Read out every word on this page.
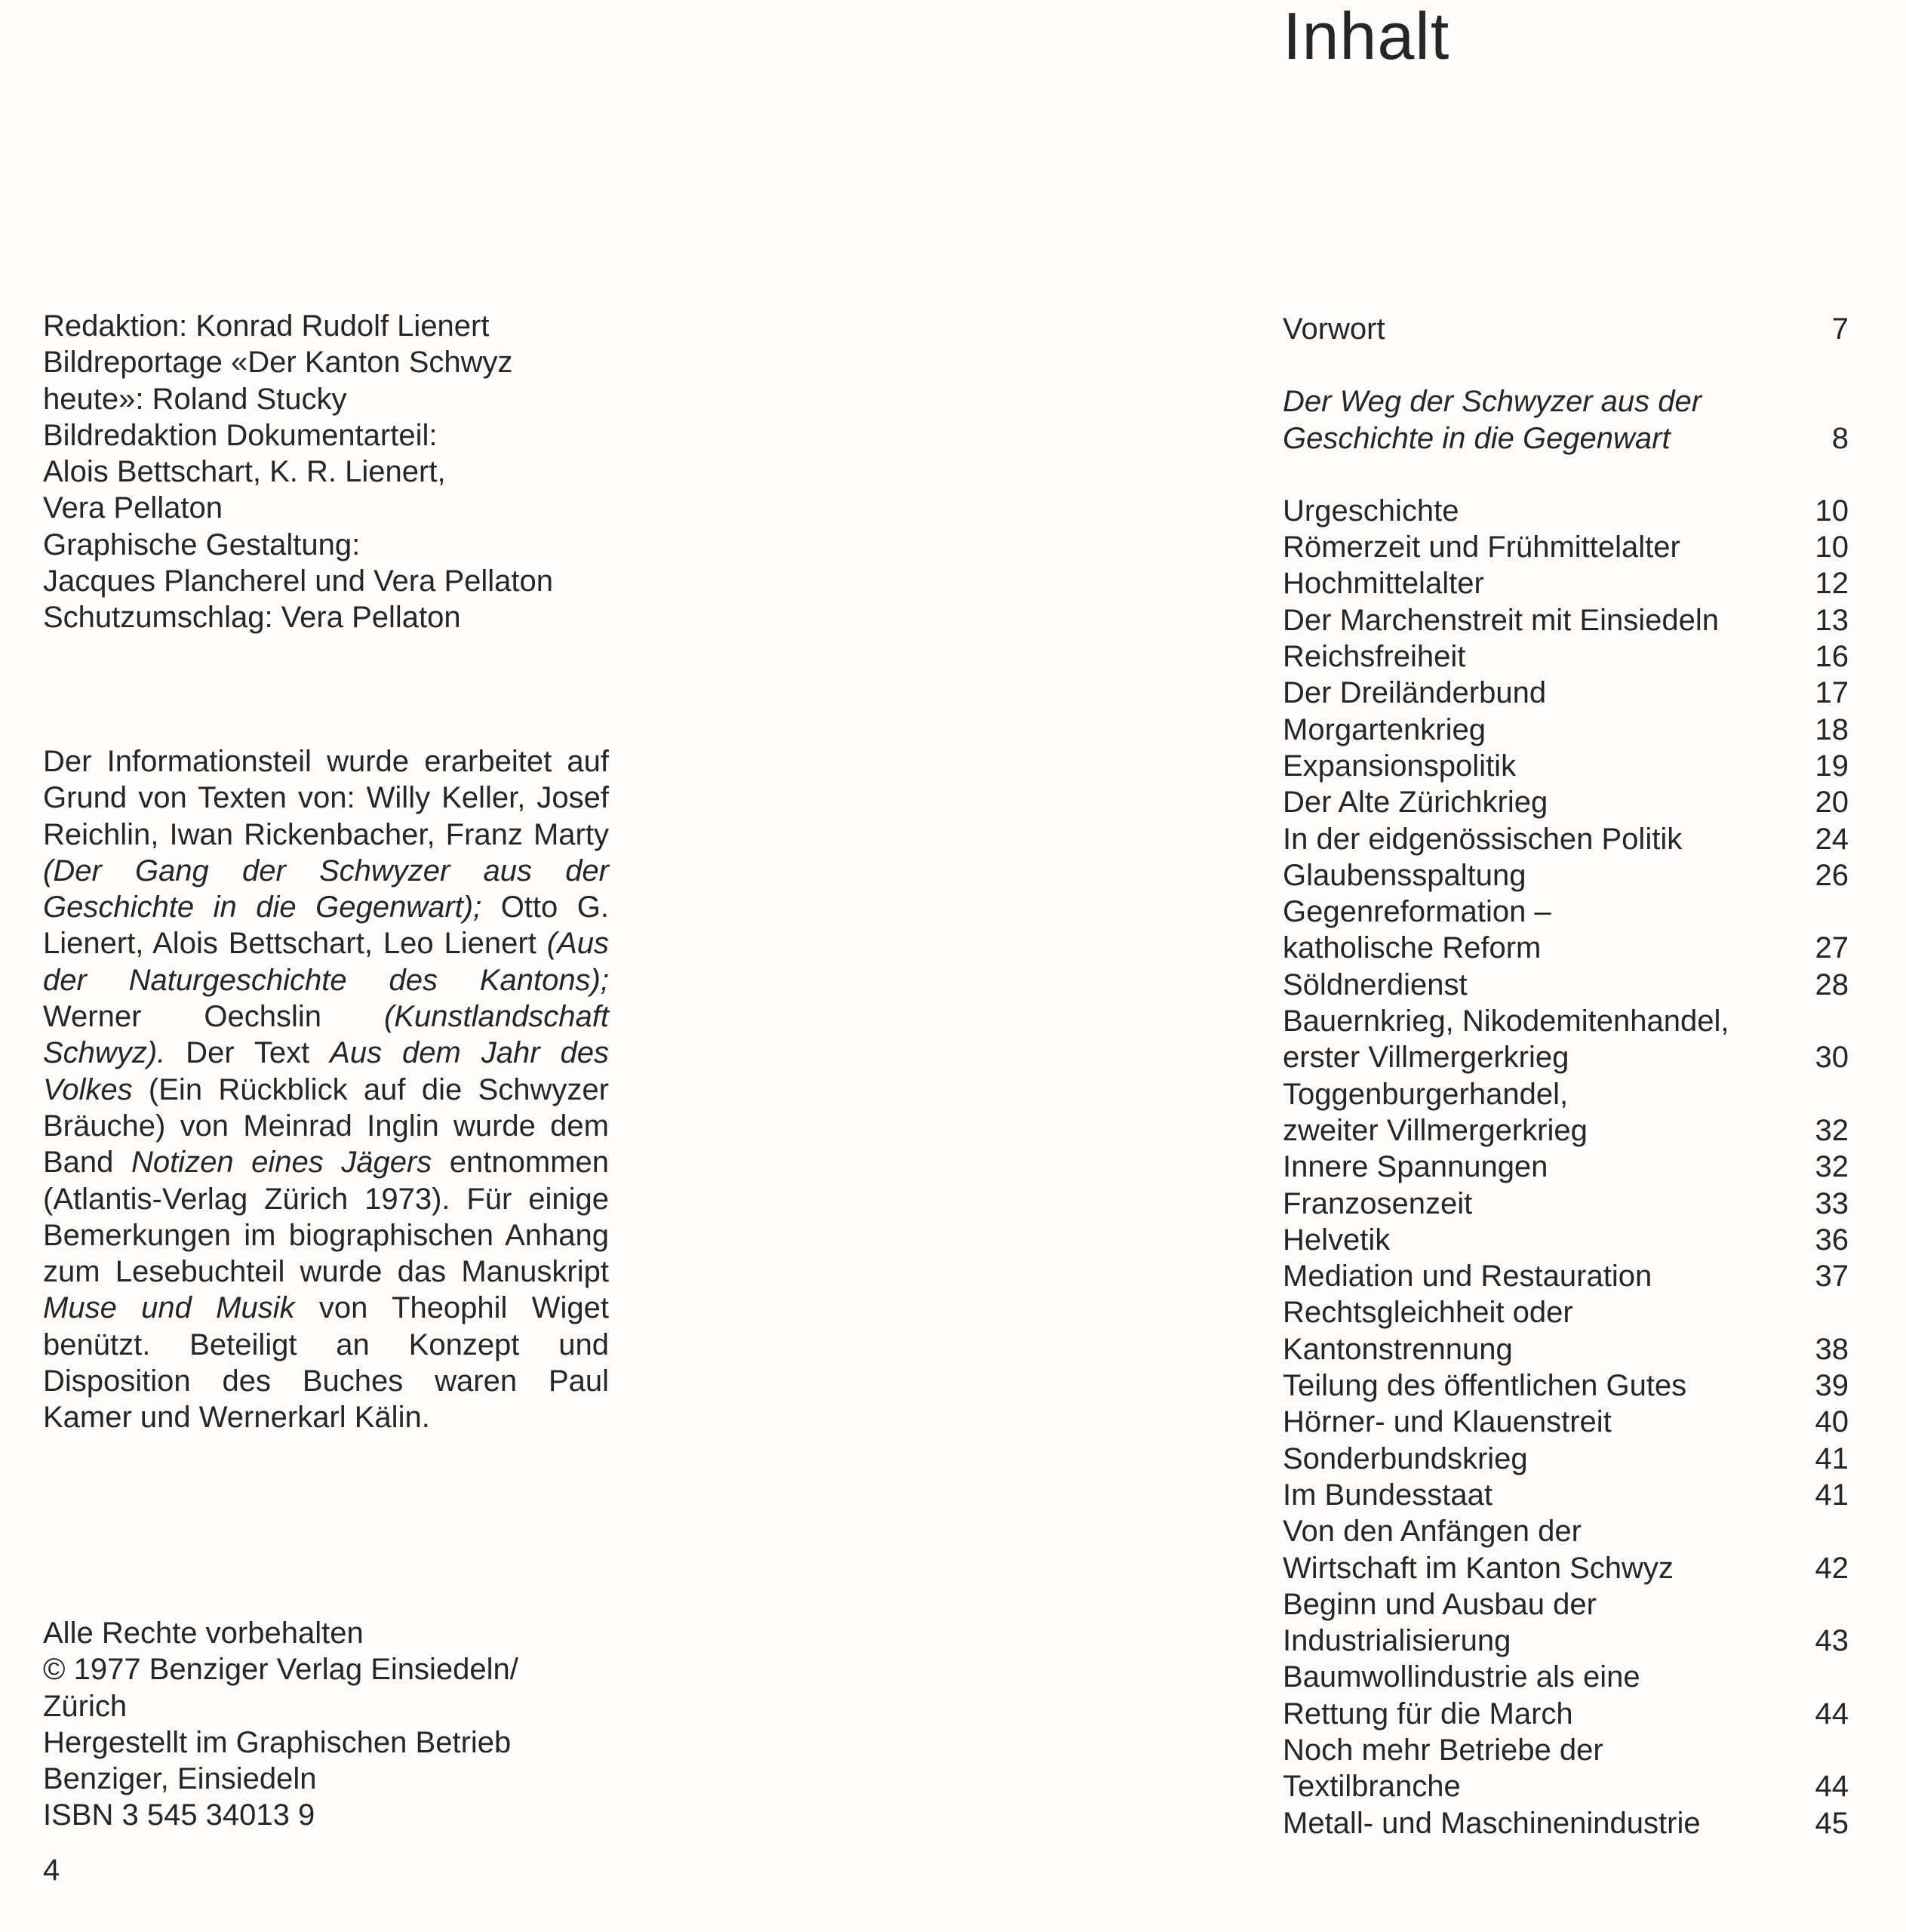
Inhalt
Redaktion: Konrad Rudolf Lienert
Bildreportage «Der Kanton Schwyz
heute»: Roland Stucky
Bildredaktion Dokumentarteil:
Alois Bettschart, K. R. Lienert,
Vera Pellaton
Graphische Gestaltung:
Jacques Plancherel und Vera Pellaton
Schutzumschlag: Vera Pellaton
Der Informationsteil wurde erarbeitet auf Grund von Texten von: Willy Keller, Josef Reichlin, Iwan Rickenbacher, Franz Marty (Der Gang der Schwyzer aus der Geschichte in die Gegenwart); Otto G. Lienert, Alois Bettschart, Leo Lienert (Aus der Naturgeschichte des Kantons); Werner Oechslin (Kunstlandschaft Schwyz). Der Text Aus dem Jahr des Volkes (Ein Rückblick auf die Schwyzer Bräuche) von Meinrad Inglin wurde dem Band Notizen eines Jägers entnommen (Atlantis-Verlag Zürich 1973). Für einige Bemerkungen im biographischen Anhang zum Lesebuchteil wurde das Manuskript Muse und Musik von Theophil Wiget benützt. Beteiligt an Konzept und Disposition des Buches waren Paul Kamer und Wernerkarl Kälin.
Alle Rechte vorbehalten
© 1977 Benziger Verlag Einsiedeln/
Zürich
Hergestellt im Graphischen Betrieb
Benziger, Einsiedeln
ISBN 3 545 34013 9
4
Vorwort	7
Der Weg der Schwyzer aus der
Geschichte in die Gegenwart	8
Urgeschichte	10
Römerzeit und Frühmittelalter	10
Hochmittelalter	12
Der Marchenstreit mit Einsiedeln	13
Reichsfreiheit	16
Der Dreiländerbund	17
Morgartenkrieg	18
Expansionspolitik	19
Der Alte Zürichkrieg	20
In der eidgenössischen Politik	24
Glaubensspaltung	26
Gegenreformation –
katholische Reform	27
Söldnerdienst	28
Bauernkrieg, Nikodemitenhandel,
erster Villmergerkrieg	30
Toggenburgerhandel,
zweiter Villmergerkrieg	32
Innere Spannungen	32
Franzosenzeit	33
Helvetik	36
Mediation und Restauration	37
Rechtsgleichheit oder
Kantonstrennung	38
Teilung des öffentlichen Gutes	39
Hörner- und Klauenstreit	40
Sonderbundskrieg	41
Im Bundesstaat	41
Von den Anfängen der
Wirtschaft im Kanton Schwyz	42
Beginn und Ausbau der
Industrialisierung	43
Baumwollindustrie als eine
Rettung für die March	44
Noch mehr Betriebe der
Textilbranche	44
Metall- und Maschinenindustrie	45
